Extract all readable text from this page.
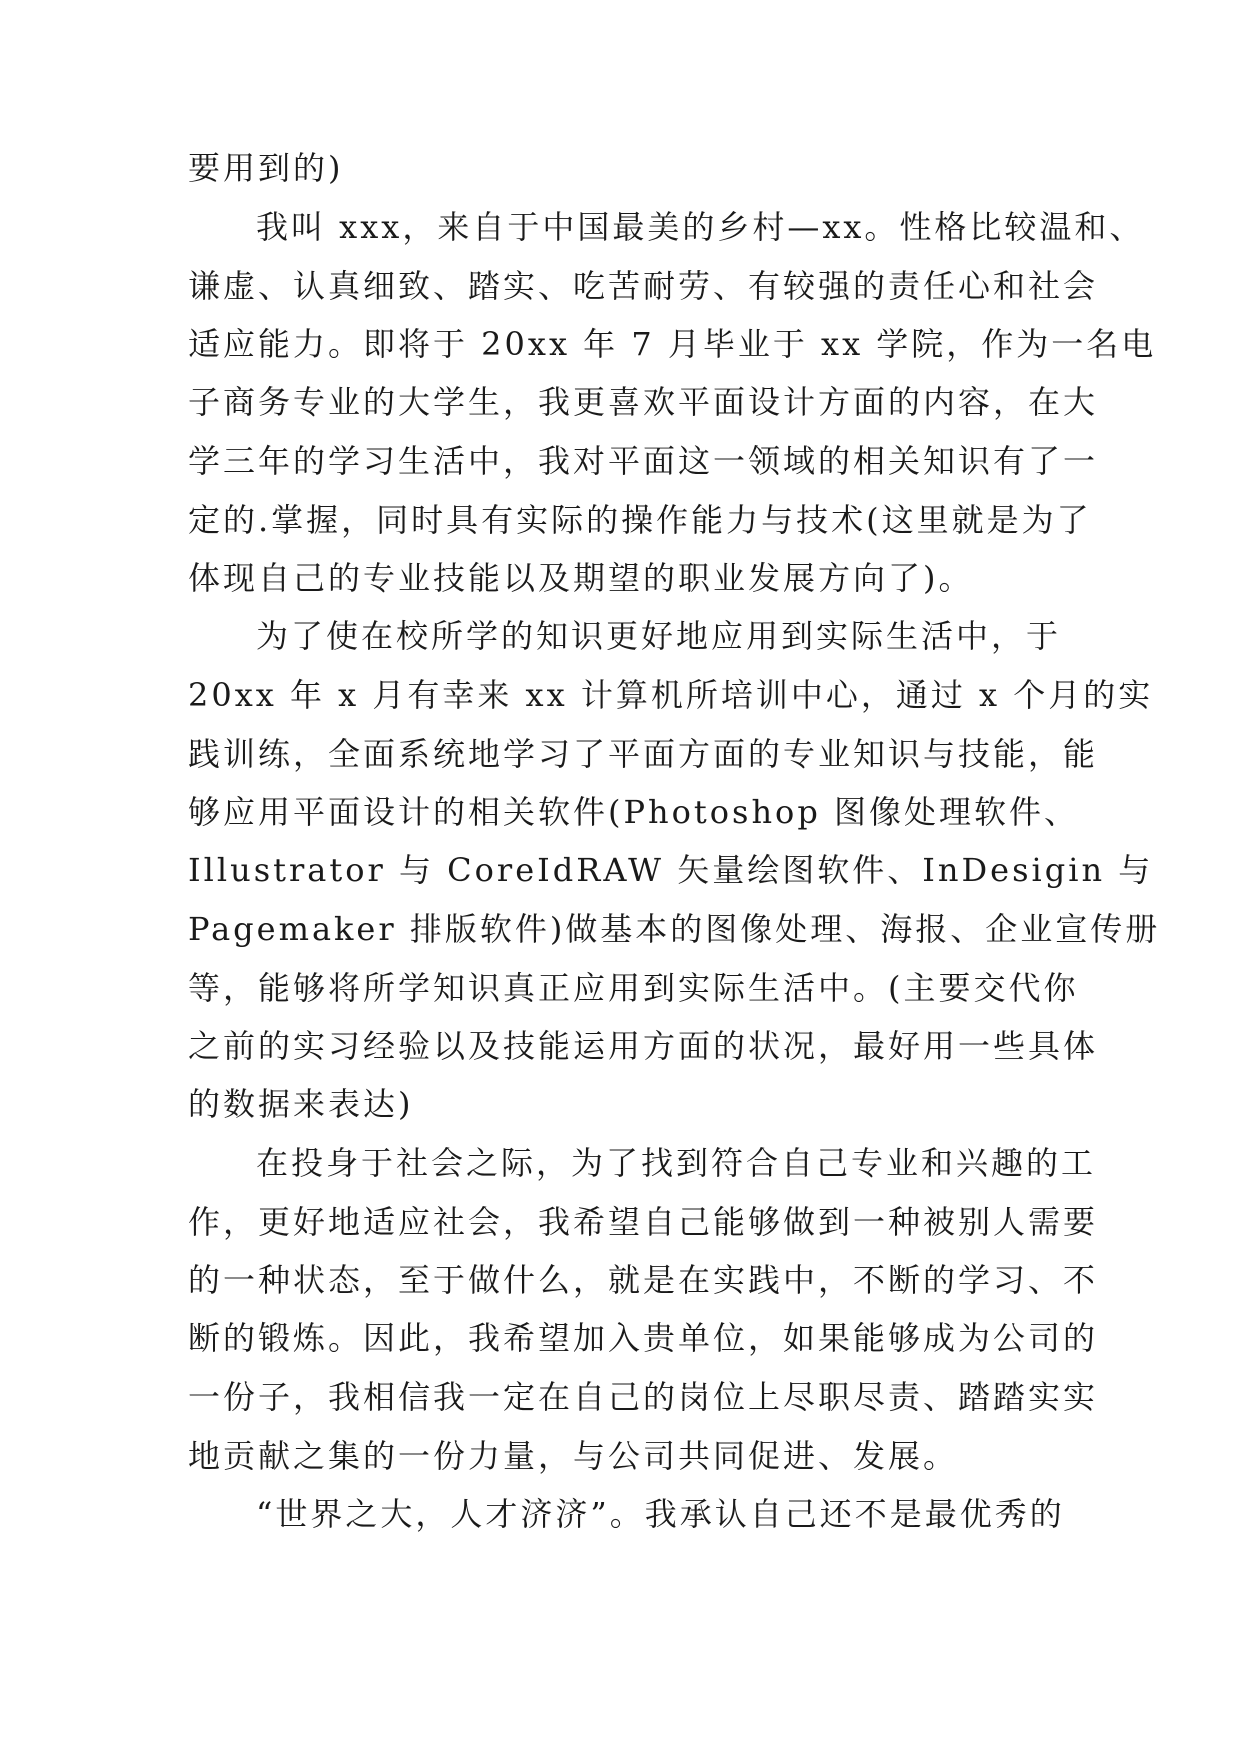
要用到的)
我叫 xxx，来自于中国最美的乡村—xx。性格比较温和、
谦虚、认真细致、踏实、吃苦耐劳、有较强的责任心和社会
适应能力。即将于 20xx 年 7 月毕业于 xx 学院，作为一名电
子商务专业的大学生，我更喜欢平面设计方面的内容，在大
学三年的学习生活中，我对平面这一领域的相关知识有了一
定的.掌握，同时具有实际的操作能力与技术(这里就是为了
体现自己的专业技能以及期望的职业发展方向了)。
为了使在校所学的知识更好地应用到实际生活中，于
20xx 年 x 月有幸来 xx 计算机所培训中心，通过 x 个月的实
践训练，全面系统地学习了平面方面的专业知识与技能，能
够应用平面设计的相关软件(Photoshop 图像处理软件、
Illustrator 与 CoreIdRAW 矢量绘图软件、InDesigin 与
Pagemaker 排版软件)做基本的图像处理、海报、企业宣传册
等，能够将所学知识真正应用到实际生活中。(主要交代你
之前的实习经验以及技能运用方面的状况，最好用一些具体
的数据来表达)
在投身于社会之际，为了找到符合自己专业和兴趣的工
作，更好地适应社会，我希望自己能够做到一种被别人需要
的一种状态，至于做什么，就是在实践中，不断的学习、不
断的锻炼。因此，我希望加入贵单位，如果能够成为公司的
一份子，我相信我一定在自己的岗位上尽职尽责、踏踏实实
地贡献之集的一份力量，与公司共同促进、发展。
“世界之大，人才济济”。我承认自己还不是最优秀的
